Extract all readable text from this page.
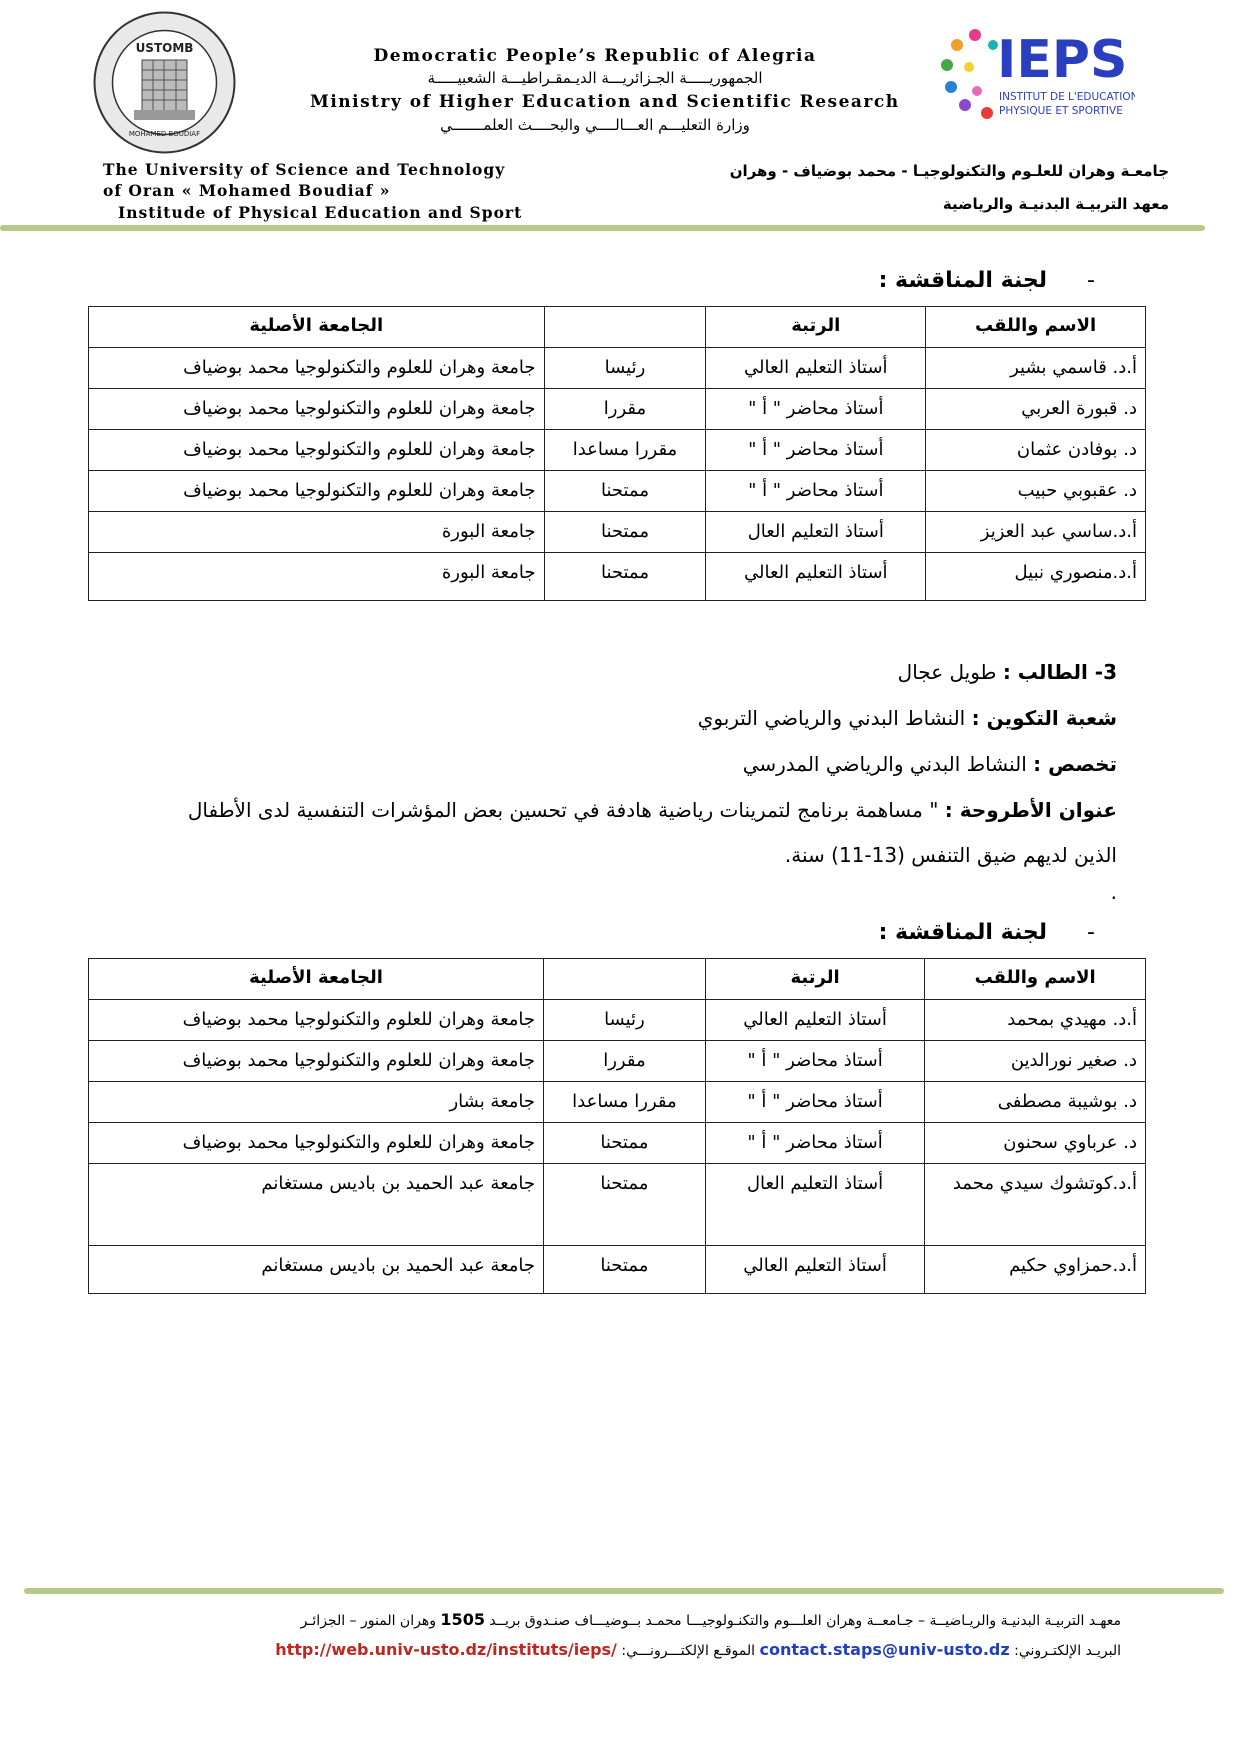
USTOMB
MOHAMED BOUDIAF
Democratic People’s Republic of Alegria
الجمهوريـــــة الجـزائريـــة الديـمقـراطيـــة الشعبيـــــة
Ministry of Higher Education and Scientific Research
وزارة التعليـــم العـــالــــي والبحــــث العلمـــــــي
IEPS
INSTITUT DE L'EDUCATION
PHYSIQUE ET SPORTIVE
The University of Science and Technology
of Oran « Mohamed Boudiaf »
Institude of Physical Education and Sport
جامعـة وهران للعلـوم والتكنولوجيـا - محمد بوضياف - وهران
معهد التربيـة البدنيـة والرياضية
-لجنة المناقشة :
الاسم واللقب	الرتبة		الجامعة الأصلية
أ.د. قاسمي بشير	أستاذ التعليم العالي	رئيسا	جامعة وهران للعلوم والتكنولوجيا محمد بوضياف
د. قبورة العربي	أستاذ محاضر " أ "	مقررا	جامعة وهران للعلوم والتكنولوجيا محمد بوضياف
د. بوفادن عثمان	أستاذ محاضر " أ "	مقررا مساعدا	جامعة وهران للعلوم والتكنولوجيا محمد بوضياف
د. عقبوبي حبيب	أستاذ محاضر " أ "	ممتحنا	جامعة وهران للعلوم والتكنولوجيا محمد بوضياف
أ.د.ساسي عبد العزيز	أستاذ التعليم العال	ممتحنا	جامعة البورة
أ.د.منصوري نبيل	أستاذ التعليم العالي	ممتحنا	جامعة البورة
3- الطالب : طويل عجال
شعبة التكوين : النشاط البدني والرياضي التربوي
تخصص : النشاط البدني والرياضي المدرسي
عنوان الأطروحة : " مساهمة برنامج لتمرينات رياضية هادفة في تحسين بعض المؤشرات التنفسية لدى الأطفال
الذين لديهم ضيق التنفس (13-11) سنة.
.
-لجنة المناقشة :
الاسم واللقب	الرتبة		الجامعة الأصلية
أ.د. مهيدي بمحمد	أستاذ التعليم العالي	رئيسا	جامعة وهران للعلوم والتكنولوجيا محمد بوضياف
د. صغير نورالدين	أستاذ محاضر " أ "	مقررا	جامعة وهران للعلوم والتكنولوجيا محمد بوضياف
د. بوشيبة مصطفى	أستاذ محاضر " أ "	مقررا مساعدا	جامعة بشار
د. عرباوي سحنون	أستاذ محاضر " أ "	ممتحنا	جامعة وهران للعلوم والتكنولوجيا محمد بوضياف
أ.د.كوتشوك سيدي محمد	أستاذ التعليم العال	ممتحنا	جامعة عبد الحميد بن باديس مستغانم
أ.د.حمزاوي حكيم	أستاذ التعليم العالي	ممتحنا	جامعة عبد الحميد بن باديس مستغانم
معهـد التربيـة البدنيـة والريـاضيــة – جـامعــة وهران العلـــوم والتكنـولوجيـــا محمـد بــوضيـــاف صنـدوق بريــد 1505 وهران المنور – الجزائـر
البريـد الإلكتـروني: contact.staps@univ-usto.dz الموقـع الإلكتـــرونـــي: http://web.univ-usto.dz/instituts/ieps/
